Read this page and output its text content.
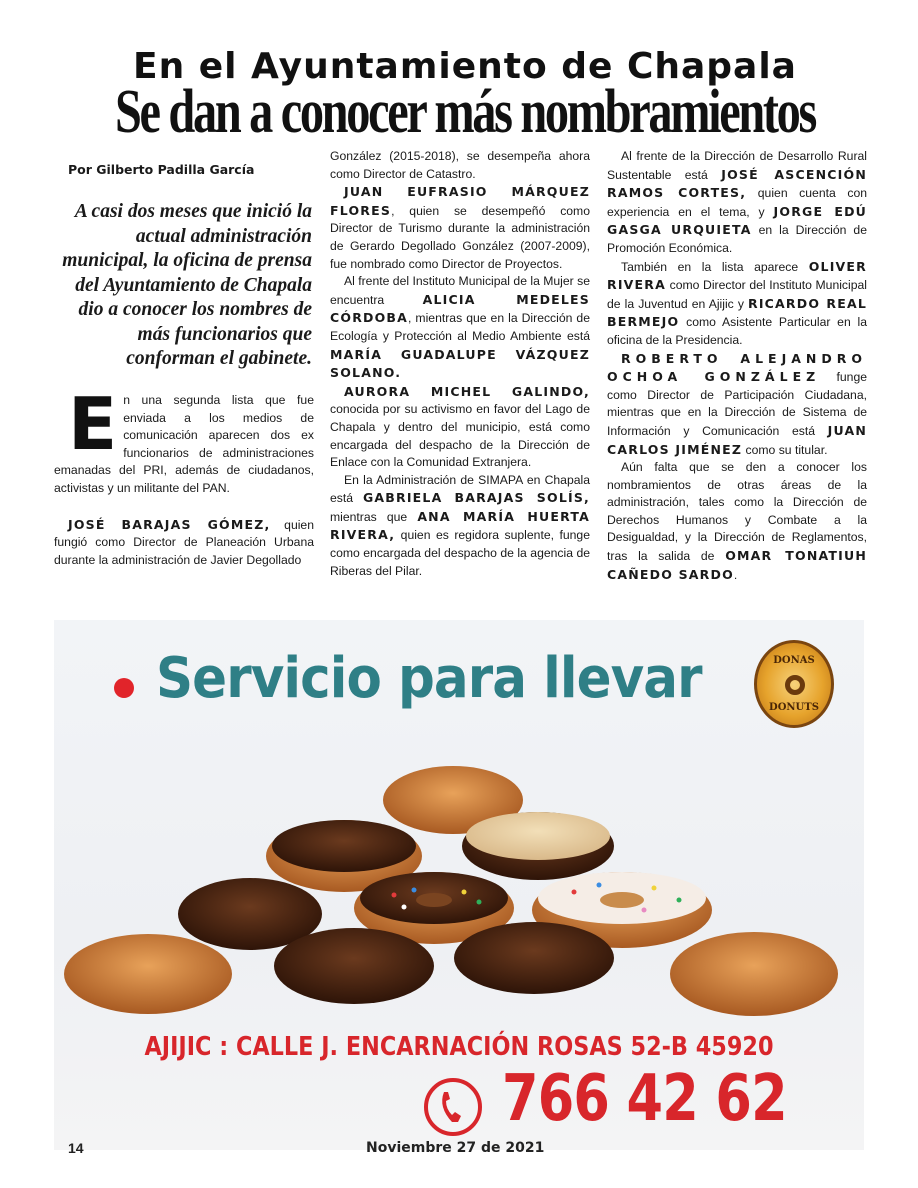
En el Ayuntamiento de Chapala
Se dan a conocer más nombramientos

Por Gilberto Padilla García

A casi dos meses que inició la actual administración municipal, la oficina de prensa del Ayuntamiento de Chapala dio a conocer los nombres de más funcionarios que conforman el gabinete.

En una segunda lista que fue enviada a los medios de comunicación aparecen dos ex funcionarios de administraciones emanadas del PRI, además de ciudadanos, activistas y un militante del PAN.

JOSÉ BARAJAS GÓMEZ, quien fungió como Director de Planeación Urbana durante la administración de Javier Degollado

González (2015-2018), se desempeña ahora como Director de Catastro.

JUAN EUFRASIO MÁRQUEZ FLORES, quien se desempeñó como Director de Turismo durante la administración de Gerardo Degollado González (2007-2009), fue nombrado como Director de Proyectos.

Al frente del Instituto Municipal de la Mujer se encuentra ALICIA MEDELES CÓRDOBA, mientras que en la Dirección de Ecología y Protección al Medio Ambiente está MARÍA GUADALUPE VÁZQUEZ SOLANO.

AURORA MICHEL GALINDO, conocida por su activismo en favor del Lago de Chapala y dentro del municipio, está como encargada del despacho de la Dirección de Enlace con la Comunidad Extranjera.

En la Administración de SIMAPA en Chapala está GABRIELA BARAJAS SOLÍS, mientras que ANA MARÍA HUERTA RIVERA, quien es regidora suplente, funge como encargada del despacho de la agencia de Riberas del Pilar.

Al frente de la Dirección de Desarrollo Rural Sustentable está JOSÉ ASCENCIÓN RAMOS CORTES, quien cuenta con experiencia en el tema, y JORGE EDÚ GASGA URQUIETA en la Dirección de Promoción Económica.

También en la lista aparece OLIVER RIVERA como Director del Instituto Municipal de la Juventud en Ajijic y RICARDO REAL BERMEJO como Asistente Particular en la oficina de la Presidencia.

ROBERTO ALEJANDRO OCHOA GONZÁLEZ funge como Director de Participación Ciudadana, mientras que en la Dirección de Sistema de Información y Comunicación está JUAN CARLOS JIMÉNEZ como su titular.

Aún falta que se den a conocer los nombramientos de otras áreas de la administración, tales como la Dirección de Derechos Humanos y Combate a la Desigualdad, y la Dirección de Reglamentos, tras la salida de OMAR TONATIUH CAÑEDO SARDO.

Servicio para llevar	DONAS
DONUTS

AJIJIC : CALLE J. ENCARNACIÓN ROSAS 52-B 45920

766 42 62

14	Noviembre 27 de 2021
